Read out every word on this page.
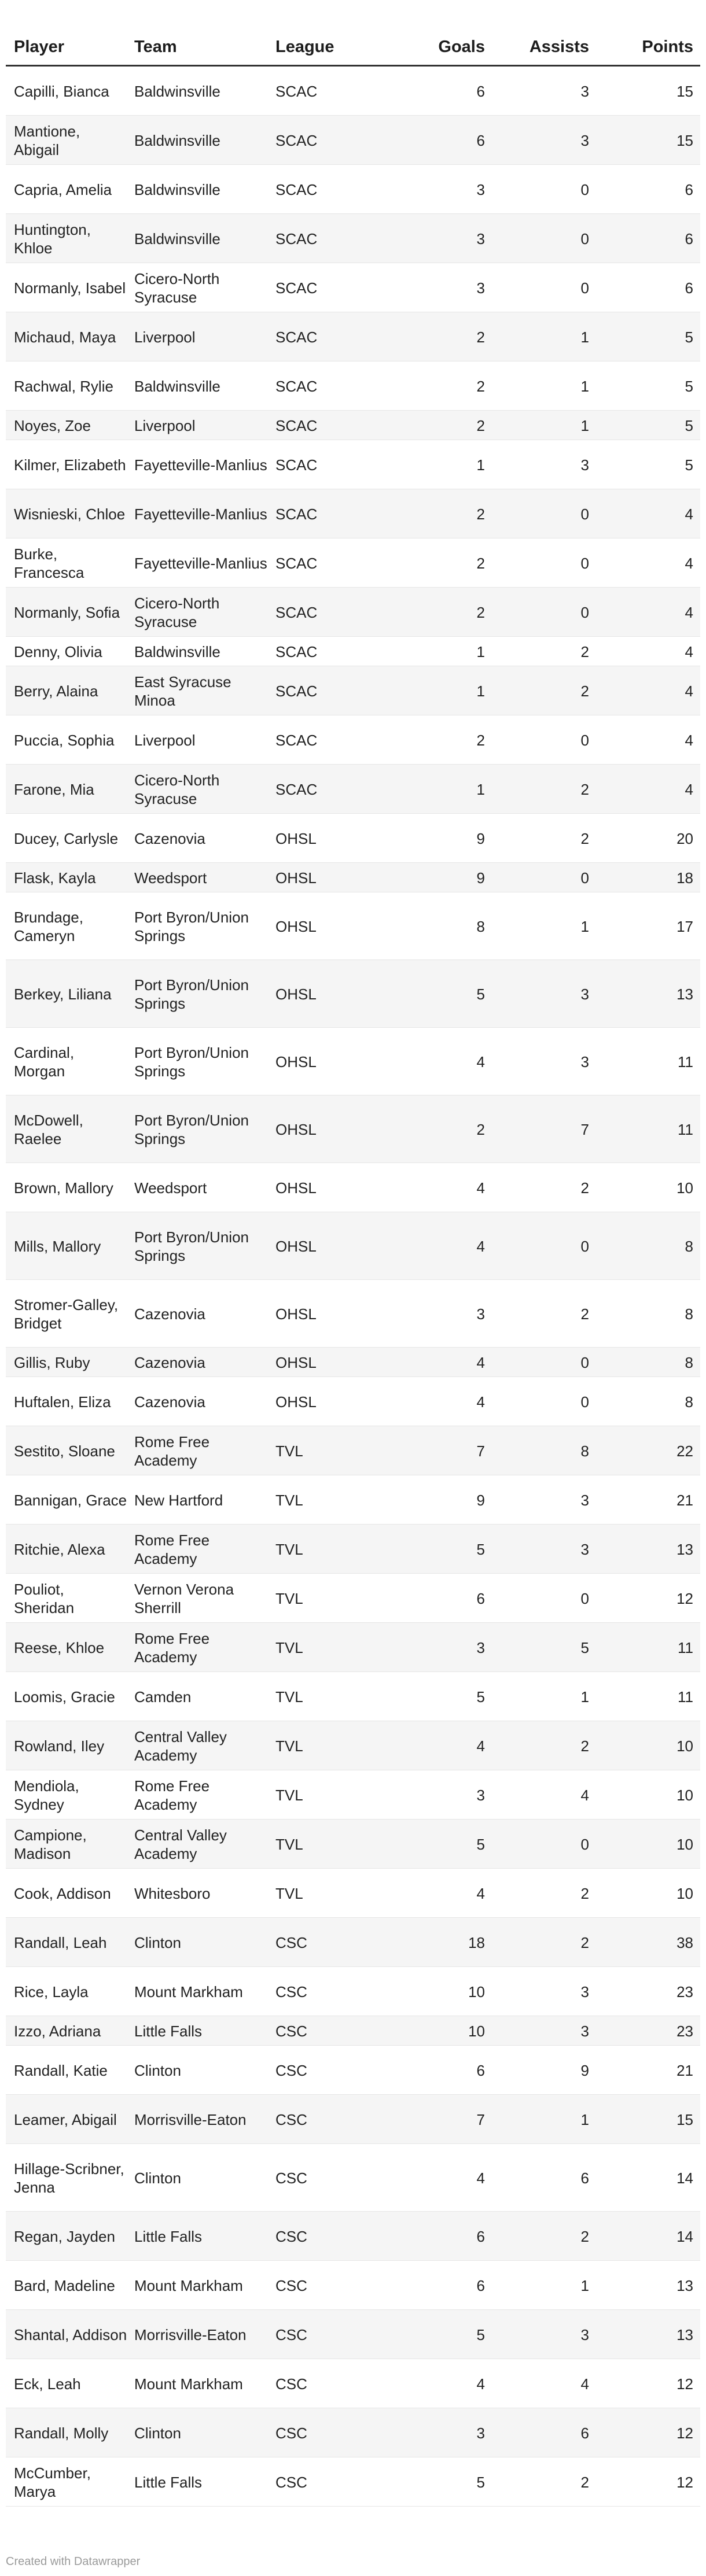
Player	Team	League	Goals	Assists	Points
Capilli, Bianca	Baldwinsville	SCAC	6	3	15
Mantione, Abigail	Baldwinsville	SCAC	6	3	15
Capria, Amelia	Baldwinsville	SCAC	3	0	6
Huntington, Khloe	Baldwinsville	SCAC	3	0	6
Normanly, Isabel	Cicero-North Syracuse	SCAC	3	0	6
Michaud, Maya	Liverpool	SCAC	2	1	5
Rachwal, Rylie	Baldwinsville	SCAC	2	1	5
Noyes, Zoe	Liverpool	SCAC	2	1	5
Kilmer, Elizabeth	Fayetteville-Manlius	SCAC	1	3	5
Wisnieski, Chloe	Fayetteville-Manlius	SCAC	2	0	4
Burke, Francesca	Fayetteville-Manlius	SCAC	2	0	4
Normanly, Sofia	Cicero-North Syracuse	SCAC	2	0	4
Denny, Olivia	Baldwinsville	SCAC	1	2	4
Berry, Alaina	East Syracuse Minoa	SCAC	1	2	4
Puccia, Sophia	Liverpool	SCAC	2	0	4
Farone, Mia	Cicero-North Syracuse	SCAC	1	2	4
Ducey, Carlysle	Cazenovia	OHSL	9	2	20
Flask, Kayla	Weedsport	OHSL	9	0	18
Brundage, Cameryn	Port Byron/Union Springs	OHSL	8	1	17
Berkey, Liliana	Port Byron/Union Springs	OHSL	5	3	13
Cardinal, Morgan	Port Byron/Union Springs	OHSL	4	3	11
McDowell, Raelee	Port Byron/Union Springs	OHSL	2	7	11
Brown, Mallory	Weedsport	OHSL	4	2	10
Mills, Mallory	Port Byron/Union Springs	OHSL	4	0	8
Stromer-Galley, Bridget	Cazenovia	OHSL	3	2	8
Gillis, Ruby	Cazenovia	OHSL	4	0	8
Huftalen, Eliza	Cazenovia	OHSL	4	0	8
Sestito, Sloane	Rome Free Academy	TVL	7	8	22
Bannigan, Grace	New Hartford	TVL	9	3	21
Ritchie, Alexa	Rome Free Academy	TVL	5	3	13
Pouliot, Sheridan	Vernon Verona Sherrill	TVL	6	0	12
Reese, Khloe	Rome Free Academy	TVL	3	5	11
Loomis, Gracie	Camden	TVL	5	1	11
Rowland, Iley	Central Valley Academy	TVL	4	2	10
Mendiola, Sydney	Rome Free Academy	TVL	3	4	10
Campione, Madison	Central Valley Academy	TVL	5	0	10
Cook, Addison	Whitesboro	TVL	4	2	10
Randall, Leah	Clinton	CSC	18	2	38
Rice, Layla	Mount Markham	CSC	10	3	23
Izzo, Adriana	Little Falls	CSC	10	3	23
Randall, Katie	Clinton	CSC	6	9	21
Leamer, Abigail	Morrisville-Eaton	CSC	7	1	15
Hillage-Scribner, Jenna	Clinton	CSC	4	6	14
Regan, Jayden	Little Falls	CSC	6	2	14
Bard, Madeline	Mount Markham	CSC	6	1	13
Shantal, Addison	Morrisville-Eaton	CSC	5	3	13
Eck, Leah	Mount Markham	CSC	4	4	12
Randall, Molly	Clinton	CSC	3	6	12
McCumber, Marya	Little Falls	CSC	5	2	12
Created with Datawrapper
